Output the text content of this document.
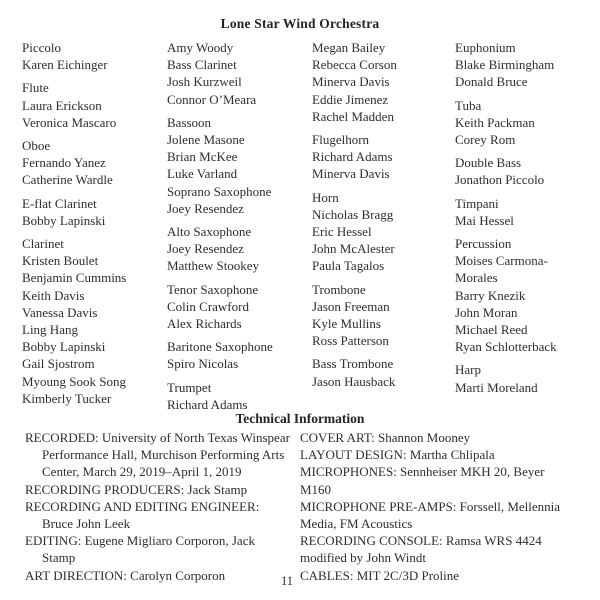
Lone Star Wind Orchestra
Piccolo
Karen Eichinger
Flute
Laura Erickson
Veronica Mascaro
Oboe
Fernando Yanez
Catherine Wardle
E-flat Clarinet
Bobby Lapinski
Clarinet
Kristen Boulet
Benjamin Cummins
Keith Davis
Vanessa Davis
Ling Hang
Bobby Lapinski
Gail Sjostrom
Myoung Sook Song
Kimberly Tucker
Amy Woody
Bass Clarinet
Josh Kurzweil
Connor O’Meara
Bassoon
Jolene Masone
Brian McKee
Luke Varland
Soprano Saxophone
Joey Resendez
Alto Saxophone
Joey Resendez
Matthew Stookey
Tenor Saxophone
Colin Crawford
Alex Richards
Baritone Saxophone
Spiro Nicolas
Trumpet
Richard Adams
Megan Bailey
Rebecca Corson
Minerva Davis
Eddie Jimenez
Rachel Madden
Flugelhorn
Richard Adams
Minerva Davis
Horn
Nicholas Bragg
Eric Hessel
John McAlester
Paula Tagalos
Trombone
Jason Freeman
Kyle Mullins
Ross Patterson
Bass Trombone
Jason Hausback
Euphonium
Blake Birmingham
Donald Bruce
Tuba
Keith Packman
Corey Rom
Double Bass
Jonathon Piccolo
Timpani
Mai Hessel
Percussion
Moises Carmona-
Morales
Barry Knezik
John Moran
Michael Reed
Ryan Schlotterback
Harp
Marti Moreland
Technical Information
RECORDED: University of North Texas Winspear
Performance Hall, Murchison Performing Arts
Center, March 29, 2019–April 1, 2019
RECORDING PRODUCERS: Jack Stamp
RECORDING AND EDITING ENGINEER:
Bruce John Leek
EDITING: Eugene Migliaro Corporon, Jack
Stamp
ART DIRECTION: Carolyn Corporon
COVER ART: Shannon Mooney
LAYOUT DESIGN: Martha Chlipala
MICROPHONES: Sennheiser MKH 20, Beyer
M160
MICROPHONE PRE-AMPS: Forssell, Mellennia
Media, FM Acoustics
RECORDING CONSOLE: Ramsa WRS 4424
modified by John Windt
CABLES: MIT 2C/3D Proline
11
